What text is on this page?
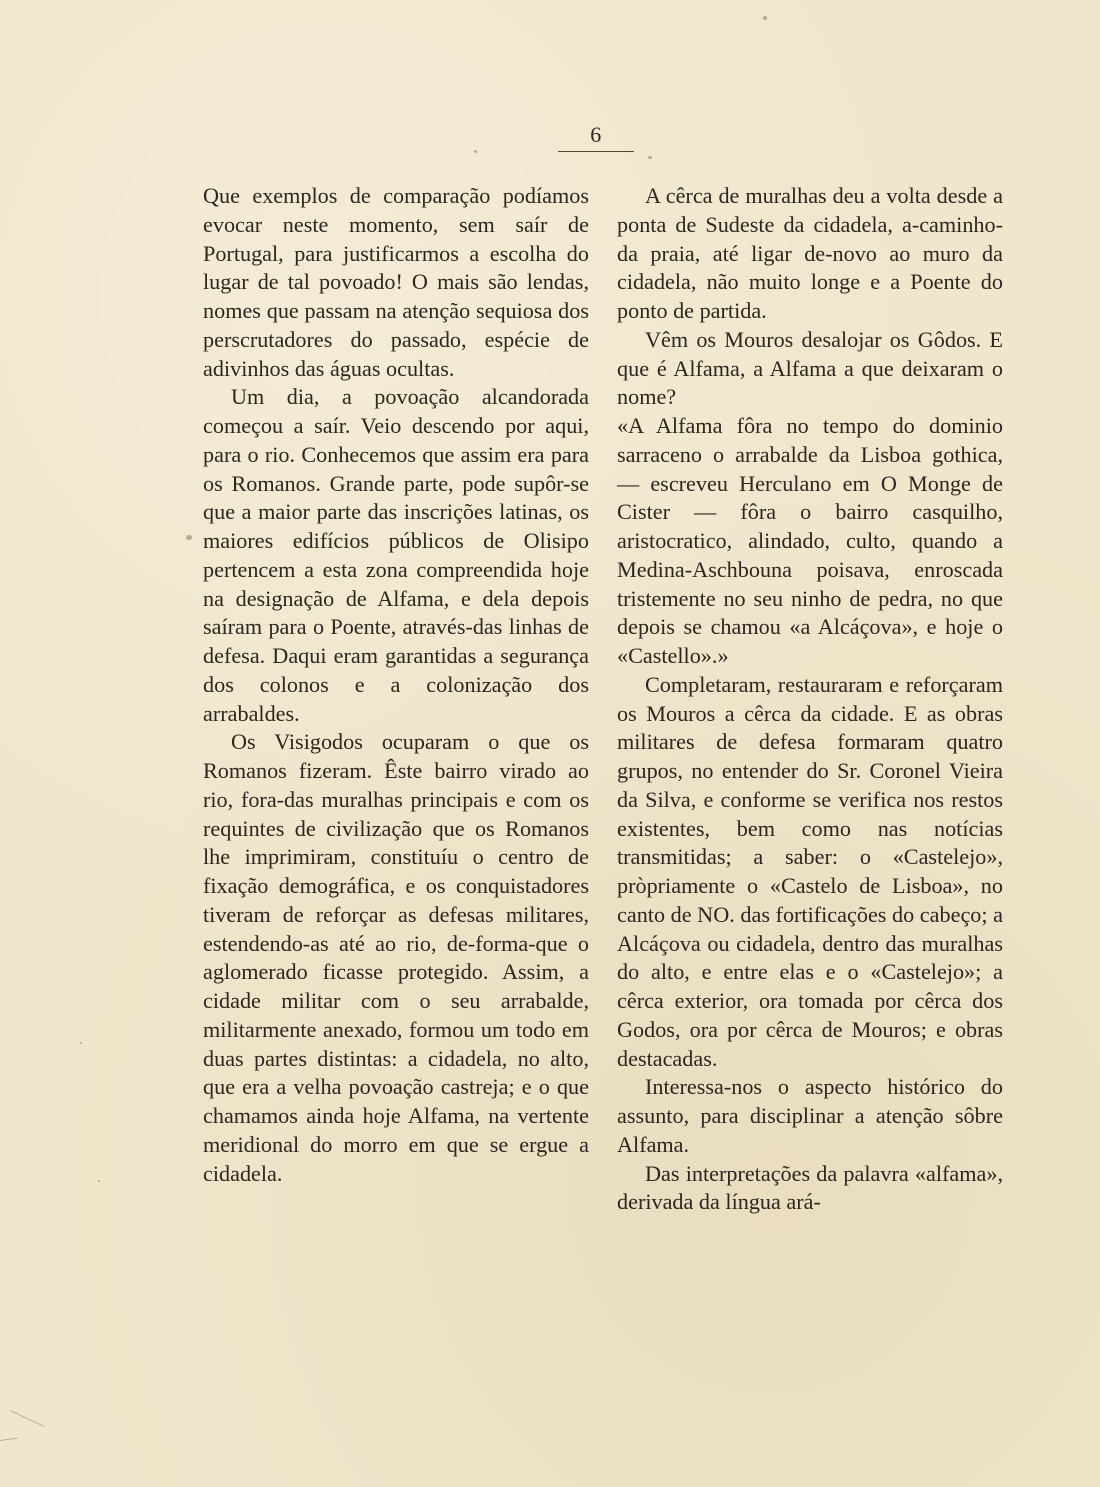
6

Que exemplos de comparação podíamos evocar neste momento, sem saír de Portugal, para justificarmos a escolha do lugar de tal povoado! O mais são lendas, nomes que passam na atenção sequiosa dos perscrutadores do passado, espécie de adivinhos das águas ocultas.

Um dia, a povoação alcandorada começou a saír. Veio descendo por aqui, para o rio. Conhecemos que assim era para os Romanos. Grande parte, pode supôr-se que a maior parte das inscrições latinas, os maiores edifícios públicos de Olisipo pertencem a esta zona compreendida hoje na designação de Alfama, e dela depois saíram para o Poente, através-das linhas de defesa. Daqui eram garantidas a segurança dos colonos e a colonização dos arrabaldes.

Os Visigodos ocuparam o que os Romanos fizeram. Êste bairro virado ao rio, fora-das muralhas principais e com os requintes de civilização que os Romanos lhe imprimiram, constituíu o centro de fixação demográfica, e os conquistadores tiveram de reforçar as defesas militares, estendendo-as até ao rio, de-forma-que o aglomerado ficasse protegido. Assim, a cidade militar com o seu arrabalde, militarmente anexado, formou um todo em duas partes distintas: a cidadela, no alto, que era a velha povoação castreja; e o que chamamos ainda hoje Alfama, na vertente meridional do morro em que se ergue a cidadela.

A cêrca de muralhas deu a volta desde a ponta de Sudeste da cidadela, a-caminho-da praia, até ligar de-novo ao muro da cidadela, não muito longe e a Poente do ponto de partida.

Vêm os Mouros desalojar os Gôdos. E que é Alfama, a Alfama a que deixaram o nome?

«A Alfama fôra no tempo do dominio sarraceno o arrabalde da Lisboa gothica, — escreveu Herculano em O Monge de Cister — fôra o bairro casquilho, aristocratico, alindado, culto, quando a Medina-Aschbouna poisava, enroscada tristemente no seu ninho de pedra, no que depois se chamou «a Alcáçova», e hoje o «Castello».»

Completaram, restauraram e reforçaram os Mouros a cêrca da cidade. E as obras militares de defesa formaram quatro grupos, no entender do Sr. Coronel Vieira da Silva, e conforme se verifica nos restos existentes, bem como nas notícias transmitidas; a saber: o «Castelejo», pròpriamente o «Castelo de Lisboa», no canto de NO. das fortificações do cabeço; a Alcáçova ou cidadela, dentro das muralhas do alto, e entre elas e o «Castelejo»; a cêrca exterior, ora tomada por cêrca dos Godos, ora por cêrca de Mouros; e obras destacadas.

Interessa-nos o aspecto histórico do assunto, para disciplinar a atenção sôbre Alfama.

Das interpretações da palavra «alfama», derivada da língua ará-
